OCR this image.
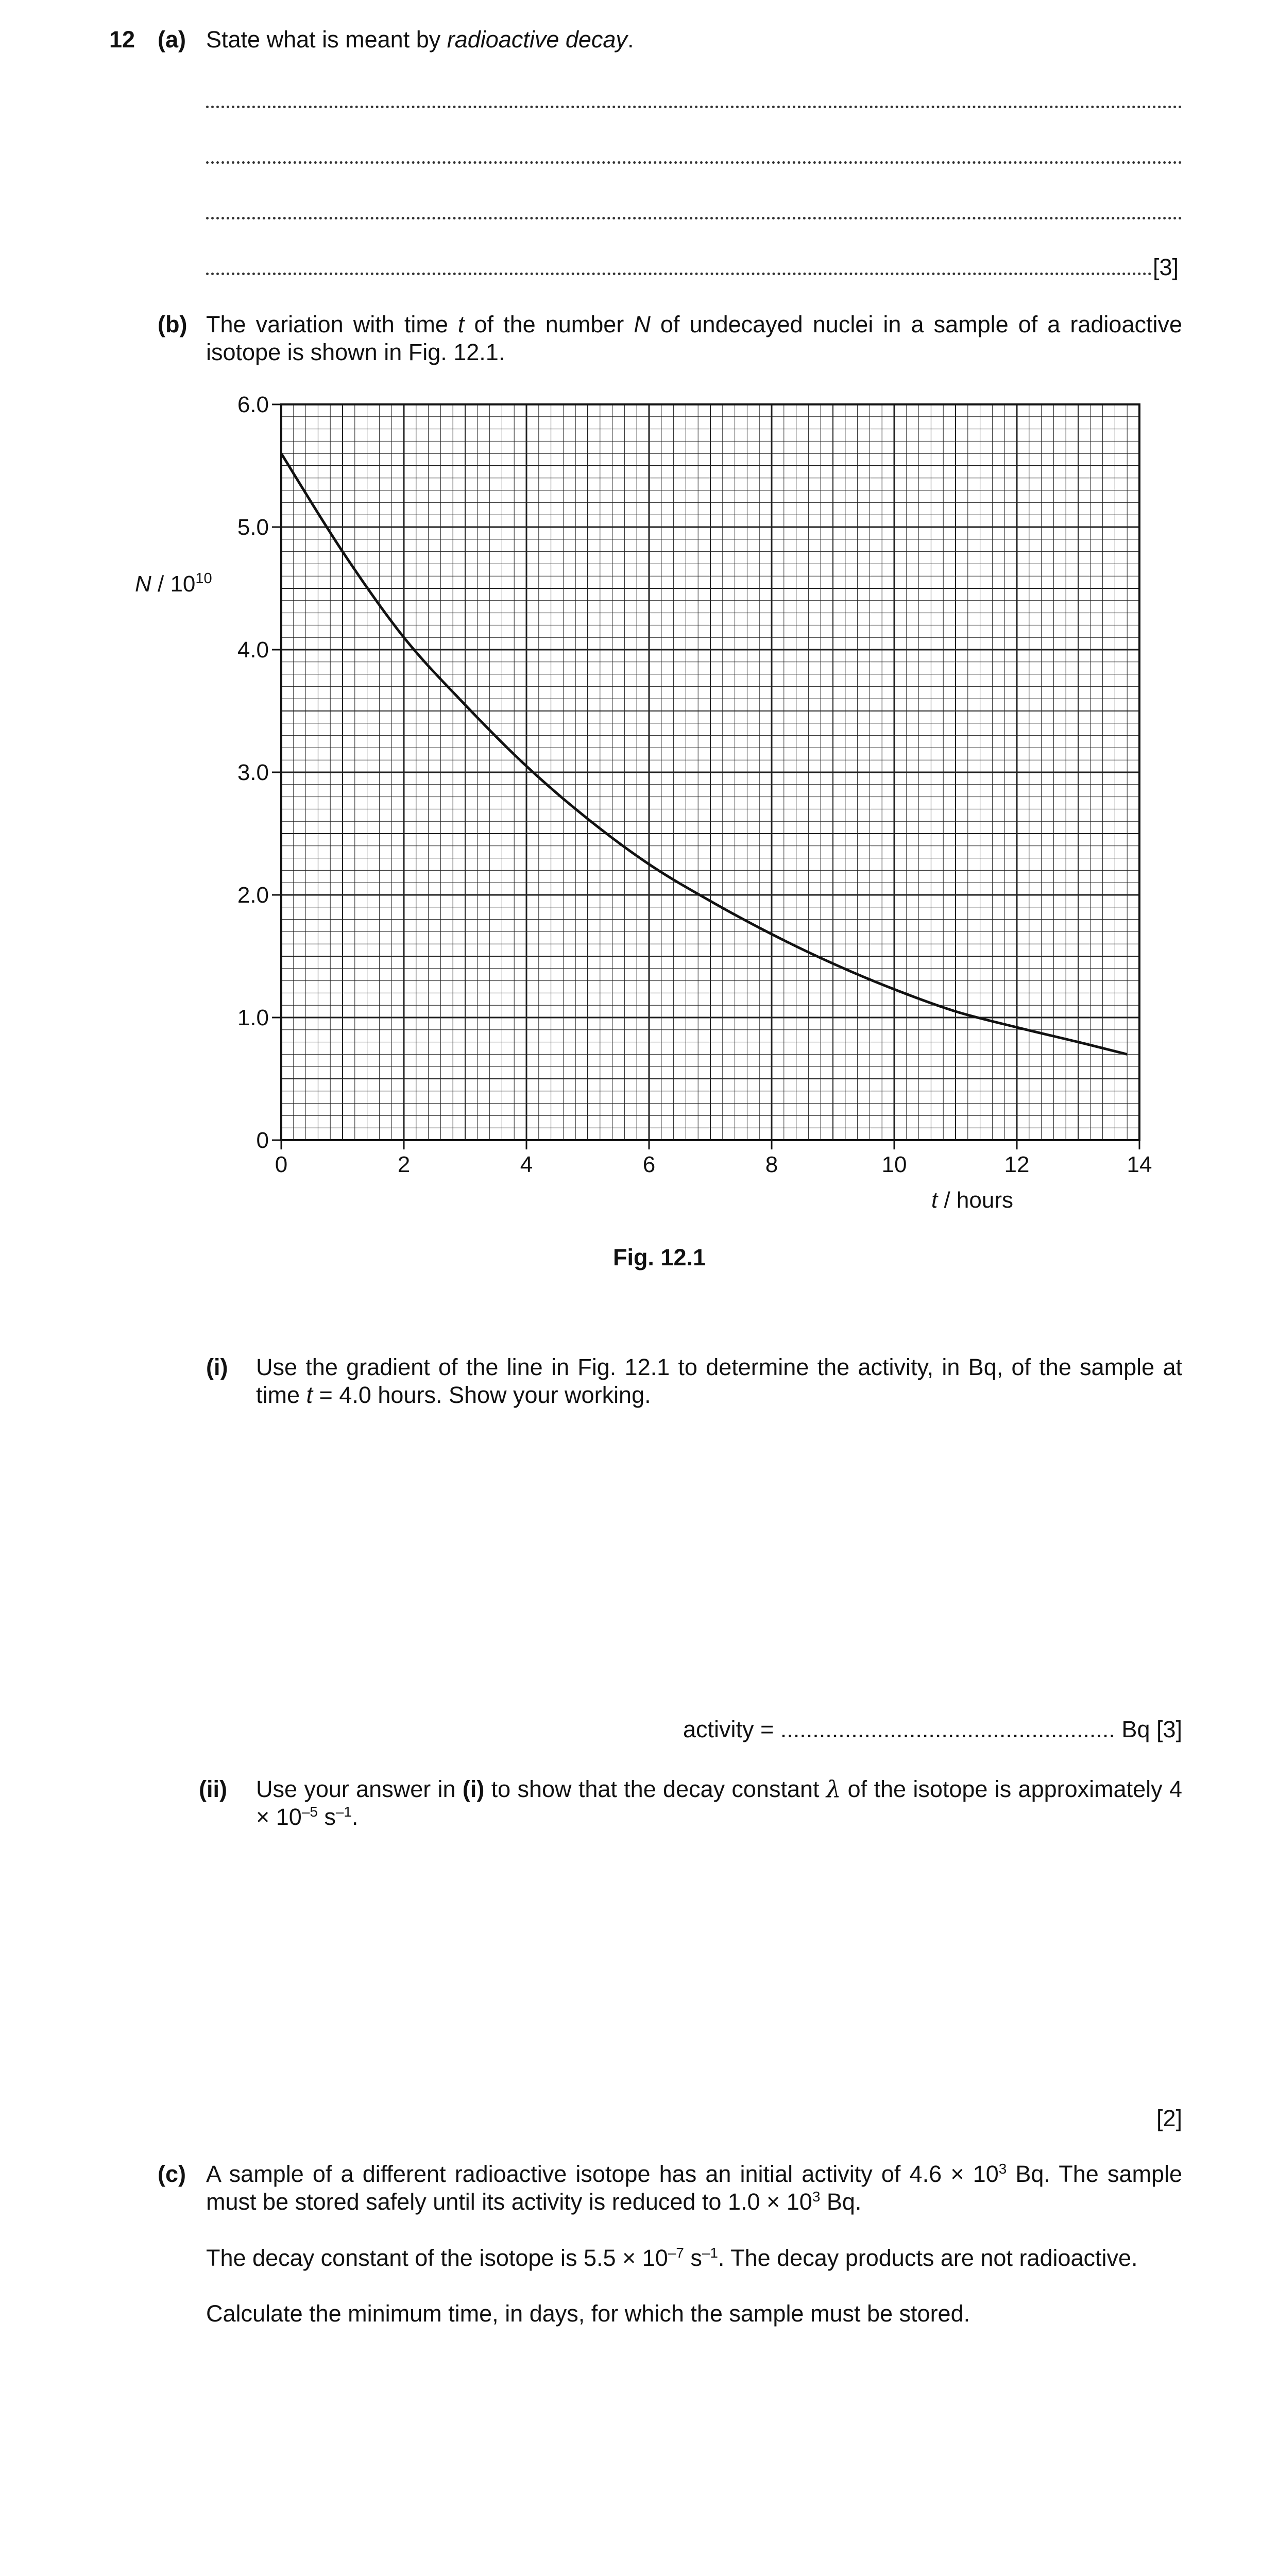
12 (a) State what is meant by radioactive decay.
[3]
(b) The variation with time t of the number N of undecayed nuclei in a sample of a radioactive isotope is shown in Fig. 12.1.
0	2	4	6	8	10	12	14
0
1.0
2.0
3.0
4.0
5.0
6.0
N / $10^{10}$
t / hours
Fig. 12.1
(i) Use the gradient of the line in Fig. 12.1 to determine the activity, in Bq, of the sample at time t = 4.0 hours. Show your working.
activity = .................................................... Bq [3]
(ii) Use your answer in (i) to show that the decay constant λ of the isotope is approximately $4 \times 10^{-5}$ $s^{-1}$.
[2]
(c) A sample of a different radioactive isotope has an initial activity of $4.6 \times 10^3$ Bq. The sample must be stored safely until its activity is reduced to $1.0 \times 10^3$ Bq.
The decay constant of the isotope is $5.5 \times 10^{-7}$ $s^{-1}$. The decay products are not radioactive.
Calculate the minimum time, in days, for which the sample must be stored.
